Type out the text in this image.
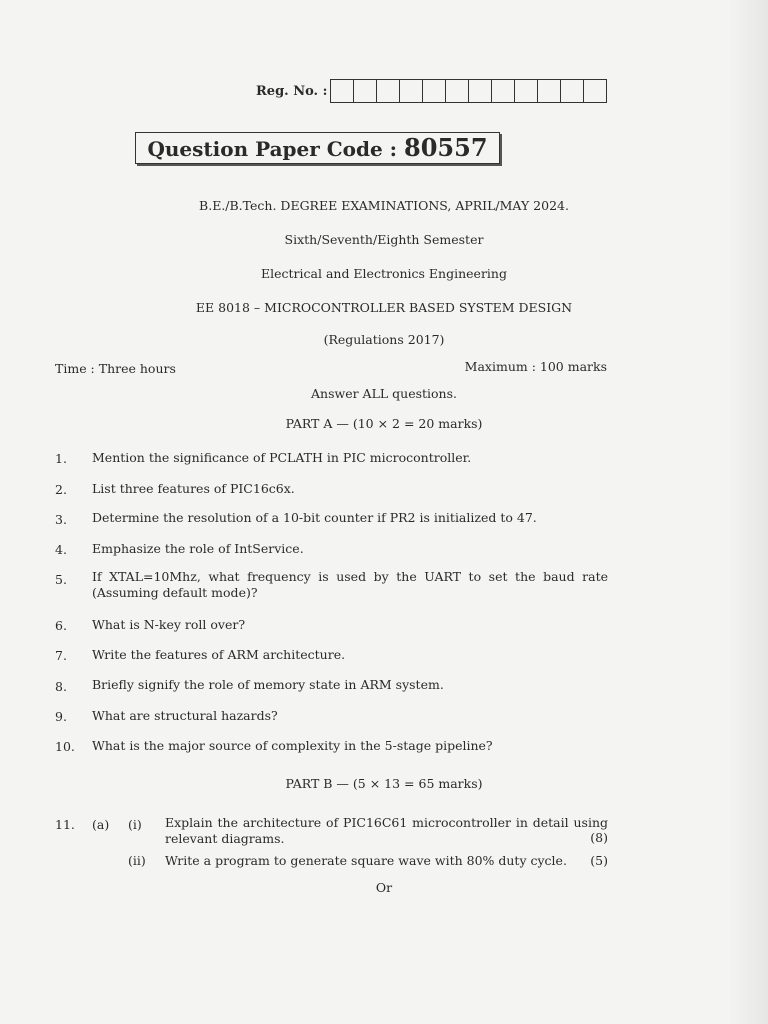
Reg. No. :
Question Paper Code : 80557
B.E./B.Tech. DEGREE EXAMINATIONS, APRIL/MAY 2024.
Sixth/Seventh/Eighth Semester
Electrical and Electronics Engineering
EE 8018 – MICROCONTROLLER BASED SYSTEM DESIGN
(Regulations 2017)
Time : Three hours	Maximum : 100 marks
Answer ALL questions.
PART A — (10 × 2 = 20 marks)
1. Mention the significance of PCLATH in PIC microcontroller.
2. List three features of PIC16c6x.
3. Determine the resolution of a 10-bit counter if PR2 is initialized to 47.
4. Emphasize the role of IntService.
5. If XTAL=10Mhz, what frequency is used by the UART to set the baud rate (Assuming default mode)?
6. What is N-key roll over?
7. Write the features of ARM architecture.
8. Briefly signify the role of memory state in ARM system.
9. What are structural hazards?
10. What is the major source of complexity in the 5-stage pipeline?
PART B — (5 × 13 = 65 marks)
11. (a) (i) Explain the architecture of PIC16C61 microcontroller in detail using relevant diagrams.	(8)
(ii) Write a program to generate square wave with 80% duty cycle. (5)
Or
